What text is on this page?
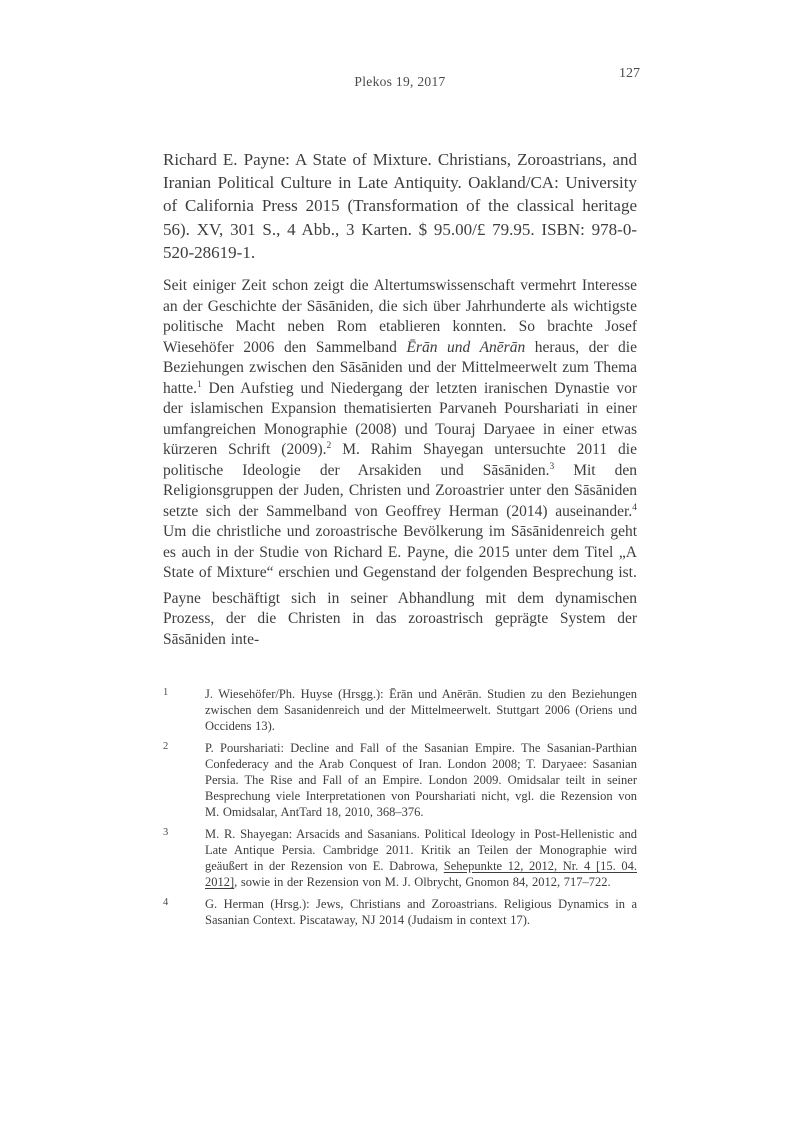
Plekos 19, 2017
127

Richard E. Payne: A State of Mixture. Christians, Zoroastrians, and Iranian Political Culture in Late Antiquity. Oakland/CA: University of California Press 2015 (Transformation of the classical heritage 56). XV, 301 S., 4 Abb., 3 Karten. $ 95.00/£ 79.95. ISBN: 978-0-520-28619-1.

Seit einiger Zeit schon zeigt die Altertumswissenschaft vermehrt Interesse an der Geschichte der Sāsāniden, die sich über Jahrhunderte als wichtigste politische Macht neben Rom etablieren konnten. So brachte Josef Wiesehöfer 2006 den Sammelband Ērān und Anērān heraus, der die Beziehungen zwischen den Sāsāniden und der Mittelmeerwelt zum Thema hatte.$^1$ Den Aufstieg und Niedergang der letzten iranischen Dynastie vor der islamischen Expansion thematisierten Parvaneh Pourshariati in einer umfangreichen Monographie (2008) und Touraj Daryaee in einer etwas kürzeren Schrift (2009).$^2$ M. Rahim Shayegan untersuchte 2011 die politische Ideologie der Arsakiden und Sāsāniden.$^3$ Mit den Religionsgruppen der Juden, Christen und Zoroastrier unter den Sāsāniden setzte sich der Sammelband von Geoffrey Herman (2014) auseinander.$^4$ Um die christliche und zoroastrische Bevölkerung im Sāsānidenreich geht es auch in der Studie von Richard E. Payne, die 2015 unter dem Titel „A State of Mixture“ erschien und Gegenstand der folgenden Besprechung ist.

Payne beschäftigt sich in seiner Abhandlung mit dem dynamischen Prozess, der die Christen in das zoroastrisch geprägte System der Sāsāniden inte-

1	J. Wiesehöfer/Ph. Huyse (Hrsgg.): Ērān und Anērān. Studien zu den Beziehungen zwischen dem Sasanidenreich und der Mittelmeerwelt. Stuttgart 2006 (Oriens und Occidens 13).
2	P. Pourshariati: Decline and Fall of the Sasanian Empire. The Sasanian-Parthian Confederacy and the Arab Conquest of Iran. London 2008; T. Daryaee: Sasanian Persia. The Rise and Fall of an Empire. London 2009. Omidsalar teilt in seiner Besprechung viele Interpretationen von Pourshariati nicht, vgl. die Rezension von M. Omidsalar, AntTard 18, 2010, 368–376.
3	M. R. Shayegan: Arsacids and Sasanians. Political Ideology in Post-Hellenistic and Late Antique Persia. Cambridge 2011. Kritik an Teilen der Monographie wird geäußert in der Rezension von E. Dabrowa, Sehepunkte 12, 2012, Nr. 4 [15. 04. 2012], sowie in der Rezension von M. J. Olbrycht, Gnomon 84, 2012, 717–722.
4	G. Herman (Hrsg.): Jews, Christians and Zoroastrians. Religious Dynamics in a Sasanian Context. Piscataway, NJ 2014 (Judaism in context 17).
